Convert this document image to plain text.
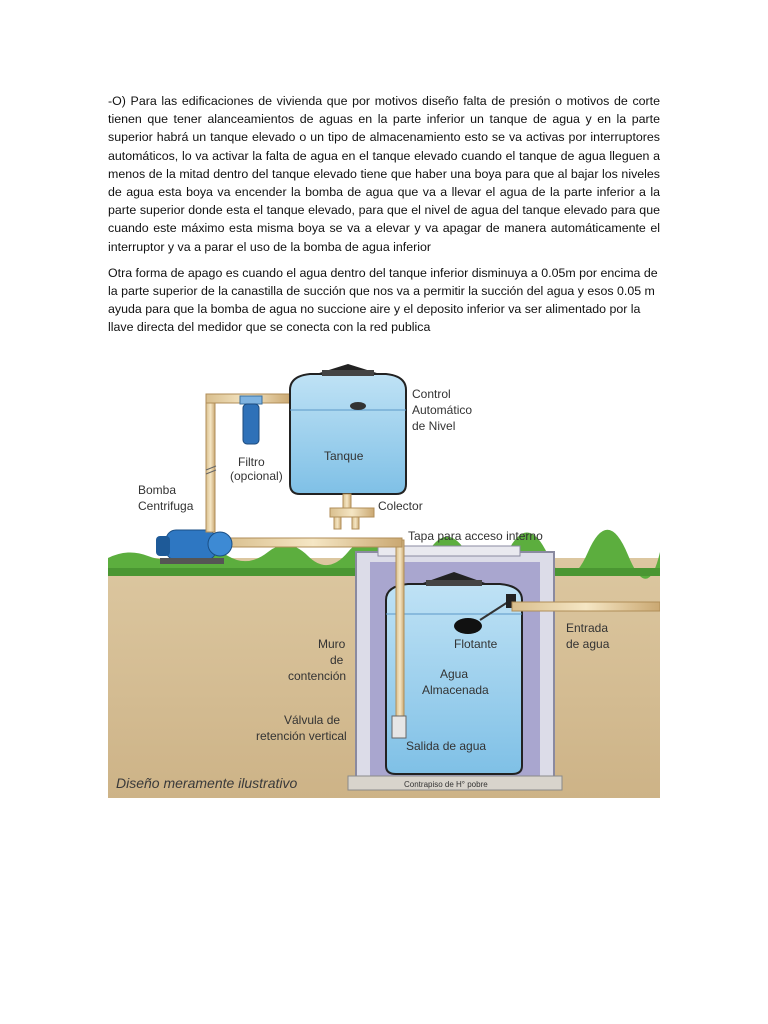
-O) Para las edificaciones de vivienda que por motivos diseño falta de presión o motivos de corte tienen que tener alanceamientos de aguas en la parte inferior un tanque de agua y en la parte superior habrá un tanque elevado o un tipo de almacenamiento esto se va activas por interruptores automáticos, lo va activar la falta de agua en el tanque elevado cuando el tanque de agua lleguen a menos de la mitad dentro del tanque elevado tiene que haber una boya para que al bajar los niveles de agua esta boya va encender la bomba de agua que va a llevar el agua de la parte inferior a la parte superior donde esta el tanque elevado, para que el nivel de agua del tanque elevado para que cuando este máximo esta misma boya se va a elevar y va apagar de manera automáticamente el interruptor y va a parar el uso de la bomba de agua inferior

Otra forma de apago es cuando el agua dentro del tanque inferior disminuya a 0.05m por encima de la parte superior de la canastilla de succión que nos va a permitir la succión del agua y esos 0.05 m ayuda para que la bomba de agua no succione aire y el deposito inferior va ser alimentado por la llave directa del medidor que se conecta con la red publica

Control
Automático
de Nivel
Tanque
Filtro
(opcional)
Bomba
Centrifuga	Colector
Tapa para acceso interno
Entrada
de agua
Flotante
Muro
de
contención	Agua
Almacenada
Válvula de
retención vertical
Salida de agua
Contrapiso de H° pobre
Diseño meramente ilustrativo
